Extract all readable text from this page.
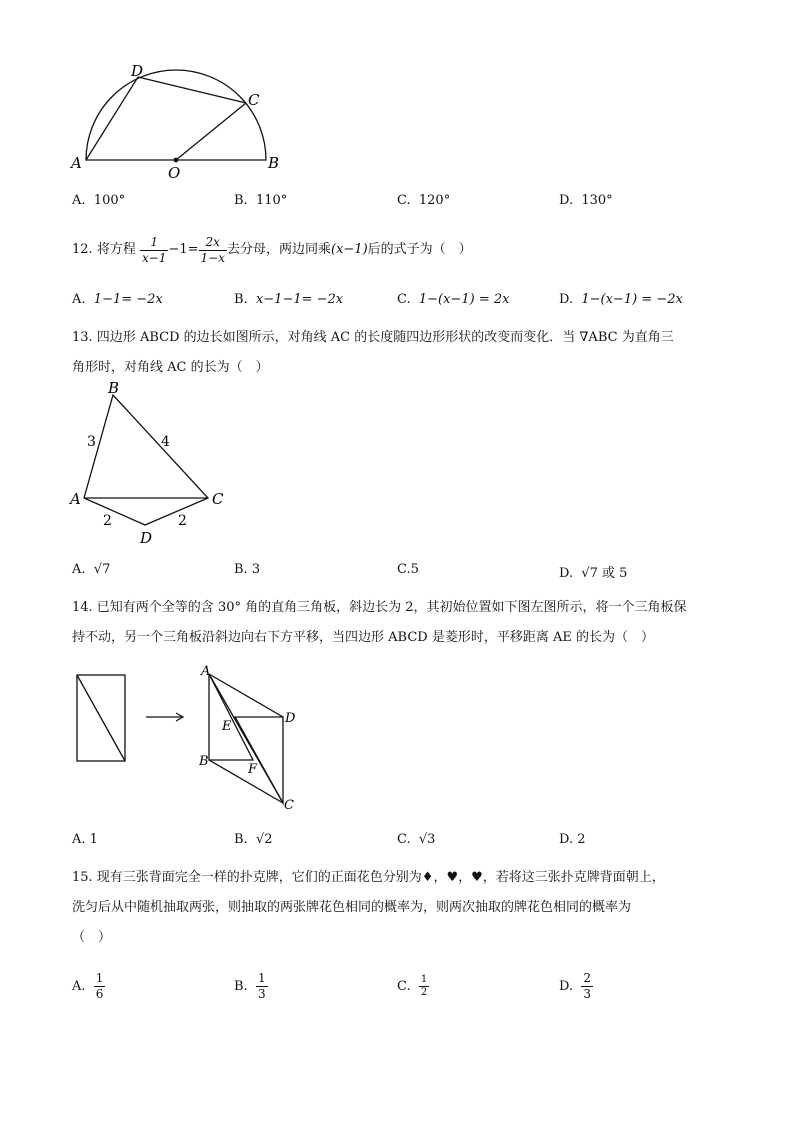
A	B
C
D
O
A. 100°	B. 110°	C. 120°	D. 130°
12.
将方程
$\frac{1}{x-1} -1= \frac{2x}{1-x}$ 去分母，两边同乘 (x−1) 后的式子为（　）
A. 1−1= −2x	B. x−1−1= −2x	C. 1−(x−1) = 2x	D. 1−(x−1) = −2x
13. 四边形 ABCD 的边长如图所示，对角线 AC 的长度随四边形形状的改变而变化．当 ∇ABC 为直角三
角形时，对角线 AC 的长为（　）
A
B
C
D
3	4
2	2
A. √7	B. 3	C.5	D. √7 或 5
14. 已知有两个全等的含 30° 角的直角三角板，斜边长为 2，其初始位置如下图左图所示，将一个三角板保
持不动，另一个三角板沿斜边向右下方平移，当四边形 ABCD 是菱形时，平移距离 AE 的长为（　）
A
B
C
D
E
F
A. 1	B. √2	C. √3	D. 2
15. 现有三张背面完全一样的扑克牌，它们的正面花色分别为♦，♥，♥，若将这三张扑克牌背面朝上，
洗匀后从中随机抽取两张，则抽取的两张牌花色相同的概率为，则两次抽取的牌花色相同的概率为
（　）
A.
$\frac{1}{6}$	B.
$\frac{1}{3}$	C.
$\frac{1}{2}$	D.
$\frac{2}{3}$
